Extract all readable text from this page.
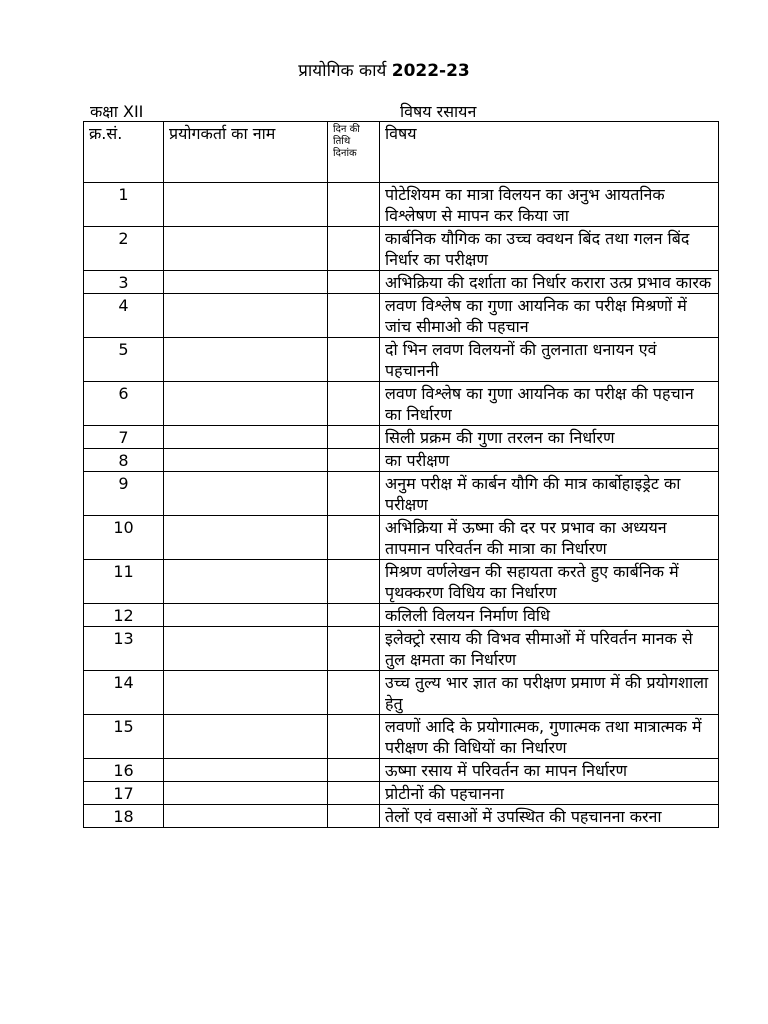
प्रायोगिक कार्य 2022-23
कक्षा XII	विषय रसायन
क्र.सं.	प्रयोगकर्ता का नाम	दिन की तिथि दिनांक	विषय
1			पोटेशियम का मात्रा विलयन का अनुभ आयतनिक विश्लेषण से मापन कर किया जा
2			कार्बनिक यौगिक का उच्च क्वथन बिंद तथा गलन बिंद निर्धार का परीक्षण
3			अभिक्रिया की दर्शाता का निर्धार करारा उत्प्र प्रभाव कारक
4			लवण विश्लेष का गुणा आयनिक का परीक्ष मिश्रणों में जांच सीमाओ की पहचान
5			दो भिन लवण विलयनों की तुलनाता धनायन एवं पहचाननी
6			लवण विश्लेष का गुणा आयनिक का परीक्ष की पहचान का निर्धारण
7			सिली प्रक्रम की गुणा तरलन का निर्धारण
8			का परीक्षण
9			अनुम परीक्ष में कार्बन यौगि की मात्र कार्बोहाइड्रेट का परीक्षण
10			अभिक्रिया में ऊष्मा की दर पर प्रभाव का अध्ययन तापमान परिवर्तन की मात्रा का निर्धारण
11			मिश्रण वर्णलेखन की सहायता करते हुए कार्बनिक में पृथक्करण विधिय का निर्धारण
12			कलिली विलयन निर्माण विधि
13			इलेक्ट्रो रसाय की विभव सीमाओं में परिवर्तन मानक से तुल क्षमता का निर्धारण
14			उच्च तुल्य भार ज्ञात का परीक्षण प्रमाण में की प्रयोगशाला हेतु
15			लवणों आदि के प्रयोगात्मक, गुणात्मक तथा मात्रात्मक में परीक्षण की विधियों का निर्धारण
16			ऊष्मा रसाय में परिवर्तन का मापन निर्धारण
17			प्रोटीनों की पहचानना
18			तेलों एवं वसाओं में उपस्थित की पहचानना करना
